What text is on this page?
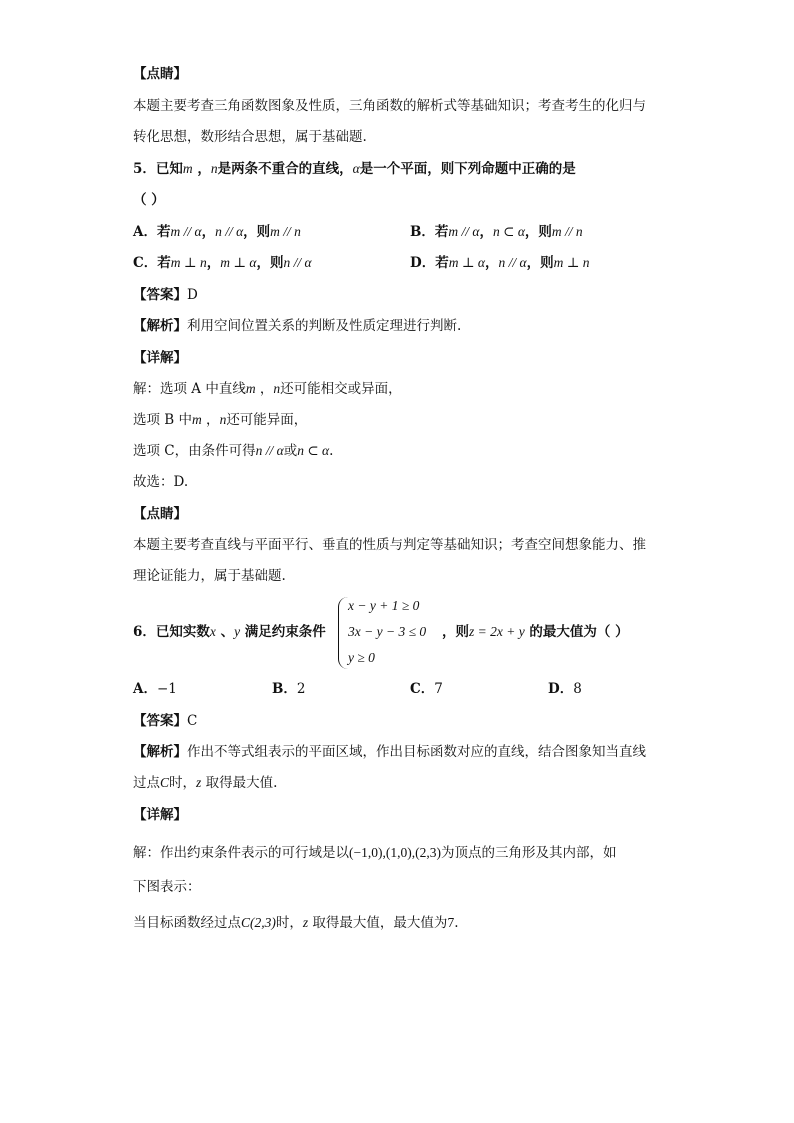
【点睛】
本题主要考查三角函数图象及性质，三角函数的解析式等基础知识；考查考生的化归与
转化思想，数形结合思想，属于基础题.
5．已知m ，n是两条不重合的直线，α是一个平面，则下列命题中正确的是
（ ）
A．若m // α，n // α，则m // n	B．若m // α，n ⊂ α，则m // n
C．若m ⊥ n，m ⊥ α，则n // α	D．若m ⊥ α，n // α，则m ⊥ n
【答案】D
【解析】利用空间位置关系的判断及性质定理进行判断.
【详解】
解：选项 A 中直线m ，n还可能相交或异面，
选项 B 中m ，n还可能异面，
选项 C，由条件可得n // α或n ⊂ α.
故选：D.
【点睛】
本题主要考查直线与平面平行、垂直的性质与判定等基础知识；考查空间想象能力、推
理论证能力，属于基础题.
x − y + 1 ≥ 0
3x − y − 3 ≤ 0
y ≥ 0
6．已知实数x 、y 满足约束条件	，则z = 2x + y 的最大值为（ ）
A．−1	B．2	C．7	D．8
【答案】C
【解析】作出不等式组表示的平面区域，作出目标函数对应的直线，结合图象知当直线
过点C时，z 取得最大值.
【详解】
解：作出约束条件表示的可行域是以(−1,0),(1,0),(2,3)为顶点的三角形及其内部，如
下图表示：
当目标函数经过点C(2,3)时，z 取得最大值，最大值为7.
